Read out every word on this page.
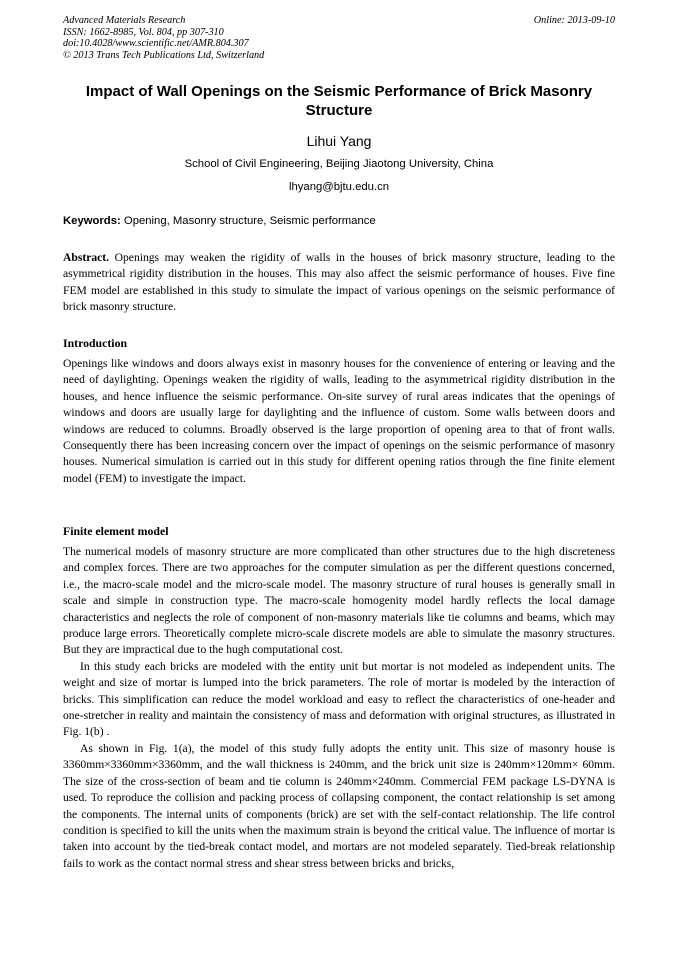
Advanced Materials Research
ISSN: 1662-8985, Vol. 804, pp 307-310
doi:10.4028/www.scientific.net/AMR.804.307
© 2013 Trans Tech Publications Ltd, Switzerland
Online: 2013-09-10
Impact of Wall Openings on the Seismic Performance of Brick Masonry Structure
Lihui Yang
School of Civil Engineering, Beijing Jiaotong University, China
lhyang@bjtu.edu.cn
Keywords: Opening, Masonry structure, Seismic performance

Abstract. Openings may weaken the rigidity of walls in the houses of brick masonry structure, leading to the asymmetrical rigidity distribution in the houses. This may also affect the seismic performance of houses. Five fine FEM model are established in this study to simulate the impact of various openings on the seismic performance of brick masonry structure.

Introduction

Openings like windows and doors always exist in masonry houses for the convenience of entering or leaving and the need of daylighting. Openings weaken the rigidity of walls, leading to the asymmetrical rigidity distribution in the houses, and hence influence the seismic performance. On-site survey of rural areas indicates that the openings of windows and doors are usually large for daylighting and the influence of custom. Some walls between doors and windows are reduced to columns. Broadly observed is the large proportion of opening area to that of front walls. Consequently there has been increasing concern over the impact of openings on the seismic performance of masonry houses. Numerical simulation is carried out in this study for different opening ratios through the fine finite element model (FEM) to investigate the impact.

Finite element model

The numerical models of masonry structure are more complicated than other structures due to the high discreteness and complex forces. There are two approaches for the computer simulation as per the different questions concerned, i.e., the macro-scale model and the micro-scale model. The masonry structure of rural houses is generally small in scale and simple in construction type. The macro-scale homogenity model hardly reflects the local damage characteristics and neglects the role of component of non-masonry materials like tie columns and beams, which may produce large errors. Theoretically complete micro-scale discrete models are able to simulate the masonry structures. But they are impractical due to the hugh computational cost.

In this study each bricks are modeled with the entity unit but mortar is not modeled as independent units. The weight and size of mortar is lumped into the brick parameters. The role of mortar is modeled by the interaction of bricks. This simplification can reduce the model workload and easy to reflect the characteristics of one-header and one-stretcher in reality and maintain the consistency of mass and deformation with original structures, as illustrated in Fig. 1(b) .

As shown in Fig. 1(a), the model of this study fully adopts the entity unit. This size of masonry house is 3360mm×3360mm×3360mm, and the wall thickness is 240mm, and the brick unit size is 240mm×120mm× 60mm. The size of the cross-section of beam and tie column is 240mm×240mm. Commercial FEM package LS-DYNA is used. To reproduce the collision and packing process of collapsing component, the contact relationship is set among the components. The internal units of components (brick) are set with the self-contact relationship. The life control condition is specified to kill the units when the maximum strain is beyond the critical value. The influence of mortar is taken into account by the tied-break contact model, and mortars are not modeled separately. Tied-break relationship fails to work as the contact normal stress and shear stress between bricks and bricks,
